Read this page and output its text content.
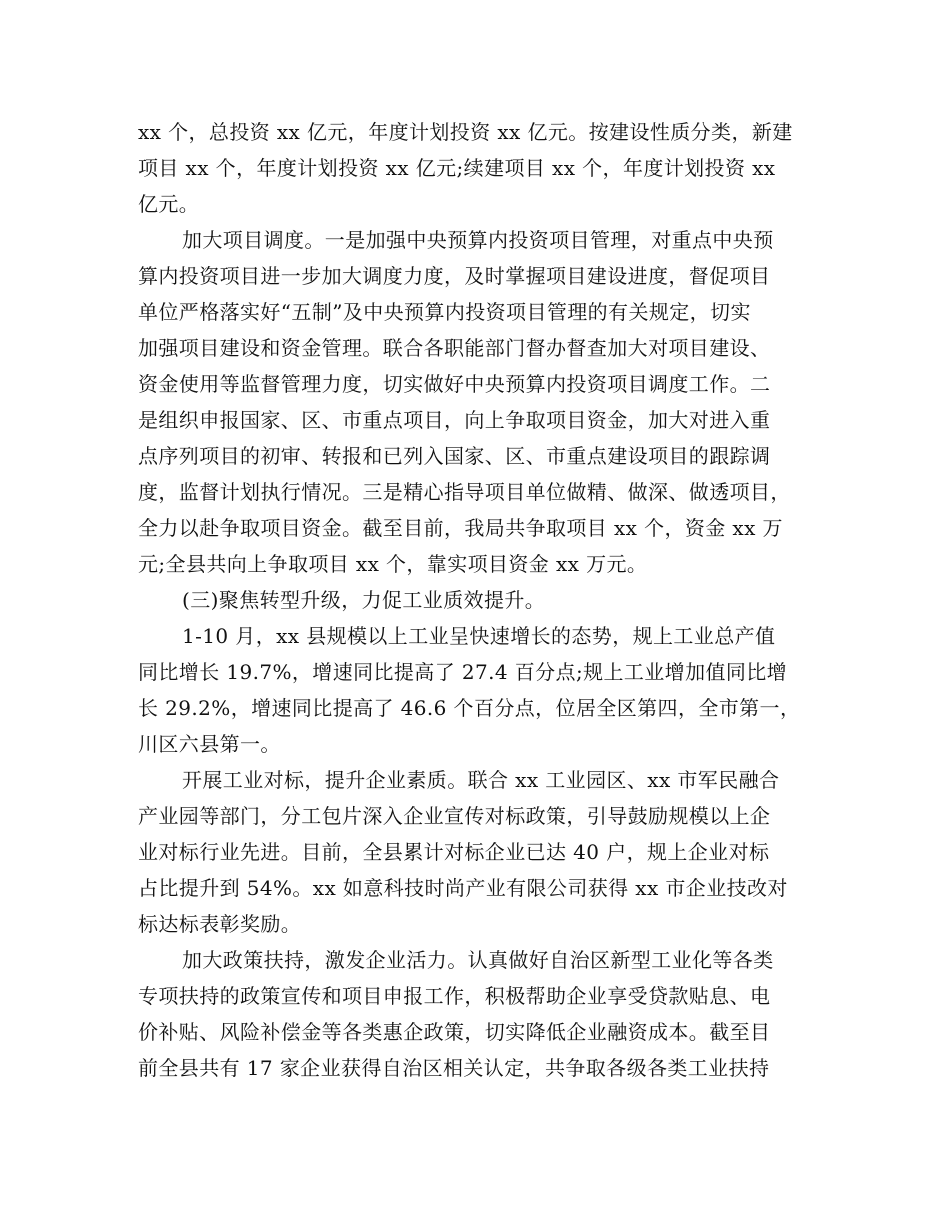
xx 个，总投资 xx 亿元，年度计划投资 xx 亿元。按建设性质分类，新建
项目 xx 个，年度计划投资 xx 亿元;续建项目 xx 个，年度计划投资 xx
亿元。
加大项目调度。一是加强中央预算内投资项目管理，对重点中央预
算内投资项目进一步加大调度力度，及时掌握项目建设进度，督促项目
单位严格落实好“五制”及中央预算内投资项目管理的有关规定，切实
加强项目建设和资金管理。联合各职能部门督办督查加大对项目建设、
资金使用等监督管理力度，切实做好中央预算内投资项目调度工作。二
是组织申报国家、区、市重点项目，向上争取项目资金，加大对进入重
点序列项目的初审、转报和已列入国家、区、市重点建设项目的跟踪调
度，监督计划执行情况。三是精心指导项目单位做精、做深、做透项目，
全力以赴争取项目资金。截至目前，我局共争取项目 xx 个，资金 xx 万
元;全县共向上争取项目 xx 个，靠实项目资金 xx 万元。
(三)聚焦转型升级，力促工业质效提升。
1-10 月，xx 县规模以上工业呈快速增长的态势，规上工业总产值
同比增长 19.7%，增速同比提高了 27.4 百分点;规上工业增加值同比增
长 29.2%，增速同比提高了 46.6 个百分点，位居全区第四，全市第一，
川区六县第一。
开展工业对标，提升企业素质。联合 xx 工业园区、xx 市军民融合
产业园等部门，分工包片深入企业宣传对标政策，引导鼓励规模以上企
业对标行业先进。目前，全县累计对标企业已达 40 户，规上企业对标
占比提升到 54%。xx 如意科技时尚产业有限公司获得 xx 市企业技改对
标达标表彰奖励。
加大政策扶持，激发企业活力。认真做好自治区新型工业化等各类
专项扶持的政策宣传和项目申报工作，积极帮助企业享受贷款贴息、电
价补贴、风险补偿金等各类惠企政策，切实降低企业融资成本。截至目
前全县共有 17 家企业获得自治区相关认定，共争取各级各类工业扶持
